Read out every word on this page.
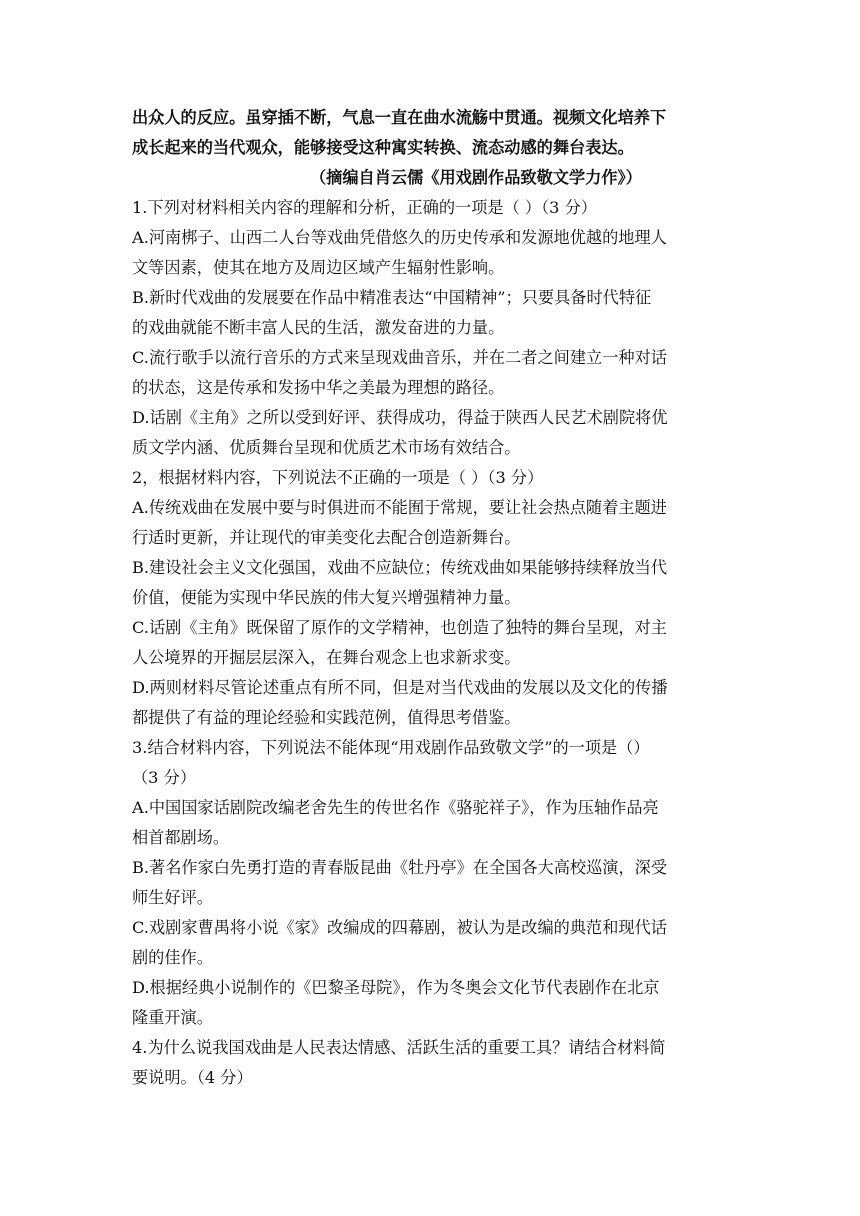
出众人的反应。虽穿插不断，气息一直在曲水流觞中贯通。视频文化培养下
成长起来的当代观众，能够接受这种寓实转换、流态动感的舞台表达。
（摘编自肖云儒《用戏剧作品致敬文学力作》）
1.下列对材料相关内容的理解和分析，正确的一项是（ ）（3 分）
A.河南梆子、山西二人台等戏曲凭借悠久的历史传承和发源地优越的地理人
文等因素，使其在地方及周边区域产生辐射性影响。
B.新时代戏曲的发展要在作品中精准表达“中国精神”；只要具备时代特征
的戏曲就能不断丰富人民的生活，激发奋进的力量。
C.流行歌手以流行音乐的方式来呈现戏曲音乐，并在二者之间建立一种对话
的状态，这是传承和发扬中华之美最为理想的路径。
D.话剧《主角》之所以受到好评、获得成功，得益于陕西人民艺术剧院将优
质文学内涵、优质舞台呈现和优质艺术市场有效结合。
2，根据材料内容，下列说法不正确的一项是（ ）（3 分）
A.传统戏曲在发展中要与时俱进而不能囿于常规，要让社会热点随着主题进
行适时更新，并让现代的审美变化去配合创造新舞台。
B.建设社会主义文化强国，戏曲不应缺位；传统戏曲如果能够持续释放当代
价值，便能为实现中华民族的伟大复兴增强精神力量。
C.话剧《主角》既保留了原作的文学精神，也创造了独特的舞台呈现，对主
人公境界的开掘层层深入，在舞台观念上也求新求变。
D.两则材料尽管论述重点有所不同，但是对当代戏曲的发展以及文化的传播
都提供了有益的理论经验和实践范例，值得思考借鉴。
3.结合材料内容，下列说法不能体现“用戏剧作品致敬文学”的一项是（）
（3 分）
A.中国国家话剧院改编老舍先生的传世名作《骆驼祥子》，作为压轴作品亮
相首都剧场。
B.著名作家白先勇打造的青春版昆曲《牡丹亭》在全国各大高校巡演，深受
师生好评。
C.戏剧家曹禺将小说《家》改编成的四幕剧，被认为是改编的典范和现代话
剧的佳作。
D.根据经典小说制作的《巴黎圣母院》，作为冬奥会文化节代表剧作在北京
隆重开演。
4.为什么说我国戏曲是人民表达情感、活跃生活的重要工具？请结合材料简
要说明。（4 分）
